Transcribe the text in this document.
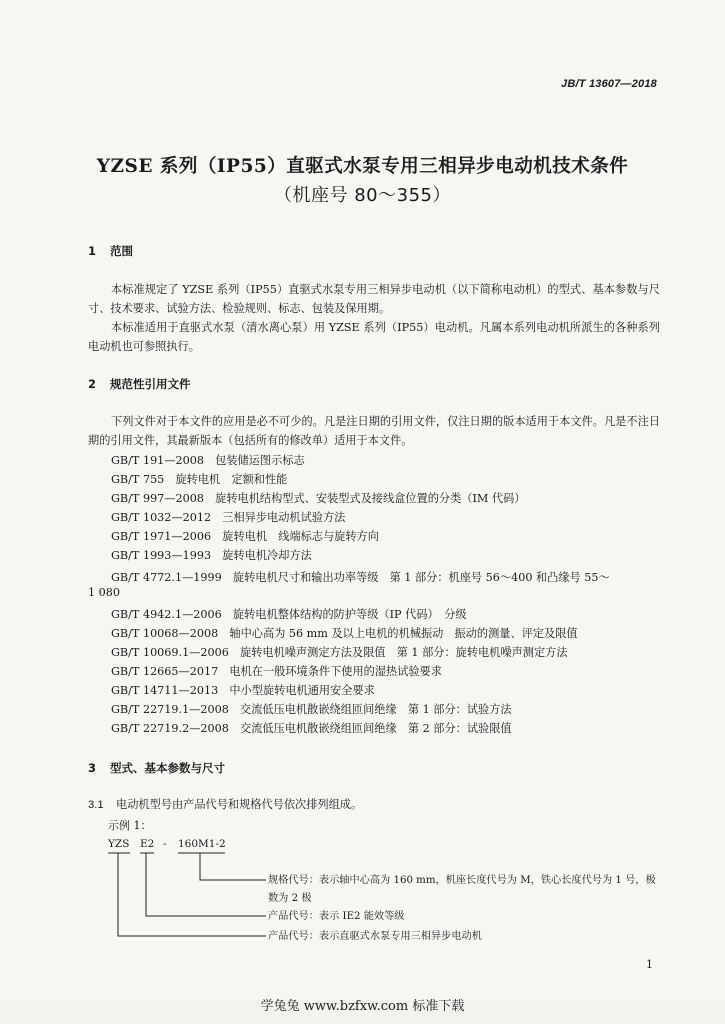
JB/T 13607—2018
YZSE 系列（IP55）直驱式水泵专用三相异步电动机技术条件
（机座号 80～355）
1 范围

本标准规定了 YZSE 系列（IP55）直驱式水泵专用三相异步电动机（以下简称电动机）的型式、基本参数与尺寸、技术要求、试验方法、检验规则、标志、包装及保用期。

本标准适用于直驱式水泵（清水离心泵）用 YZSE 系列（IP55）电动机。凡属本系列电动机所派生的各种系列电动机也可参照执行。

2 规范性引用文件

下列文件对于本文件的应用是必不可少的。凡是注日期的引用文件，仅注日期的版本适用于本文件。凡是不注日期的引用文件，其最新版本（包括所有的修改单）适用于本文件。

GB/T 191—2008　包装储运图示标志

GB/T 755　旋转电机　定额和性能

GB/T 997—2008　旋转电机结构型式、安装型式及接线盒位置的分类（IM 代码）

GB/T 1032—2012　三相异步电动机试验方法

GB/T 1971—2006　旋转电机　线端标志与旋转方向

GB/T 1993—1993　旋转电机冷却方法

GB/T 4772.1—1999　旋转电机尺寸和输出功率等级　第 1 部分：机座号 56～400 和凸缘号 55～

1 080

GB/T 4942.1—2006　旋转电机整体结构的防护等级（IP 代码）　分级

GB/T 10068—2008　轴中心高为 56 mm 及以上电机的机械振动　振动的测量、评定及限值

GB/T 10069.1—2006　旋转电机噪声测定方法及限值　第 1 部分：旋转电机噪声测定方法

GB/T 12665—2017　电机在一般环境条件下使用的湿热试验要求

GB/T 14711—2013　中小型旋转电机通用安全要求

GB/T 22719.1—2008　交流低压电机散嵌绕组匝间绝缘　第 1 部分：试验方法

GB/T 22719.2—2008　交流低压电机散嵌绕组匝间绝缘　第 2 部分：试验限值

3 型式、基本参数与尺寸
3.1 电动机型号由产品代号和规格代号依次排列组成。
示例 1：
YZS E2 - 160M1-2
规格代号：表示轴中心高为 160 mm，机座长度代号为 M，铁心长度代号为 1 号，极数为 2 极
产品代号：表示 IE2 能效等级
产品代号：表示直驱式水泵专用三相异步电动机
1
学兔兔 www.bzfxw.com 标准下载
